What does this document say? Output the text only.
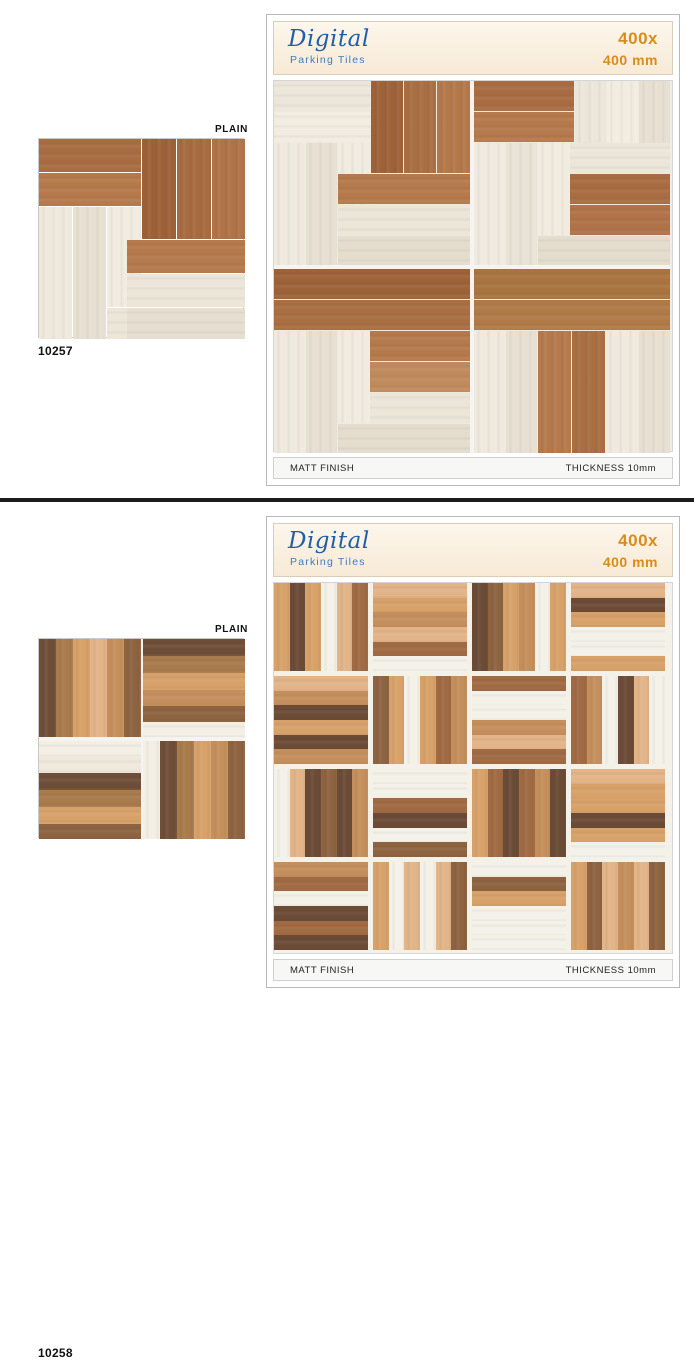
PLAIN
10257
Digital
Parking Tiles
400x
400 mm
MATT FINISH	THICKNESS 10mm
PLAIN
10258
Digital
Parking Tiles
400x
400 mm
MATT FINISH	THICKNESS 10mm
